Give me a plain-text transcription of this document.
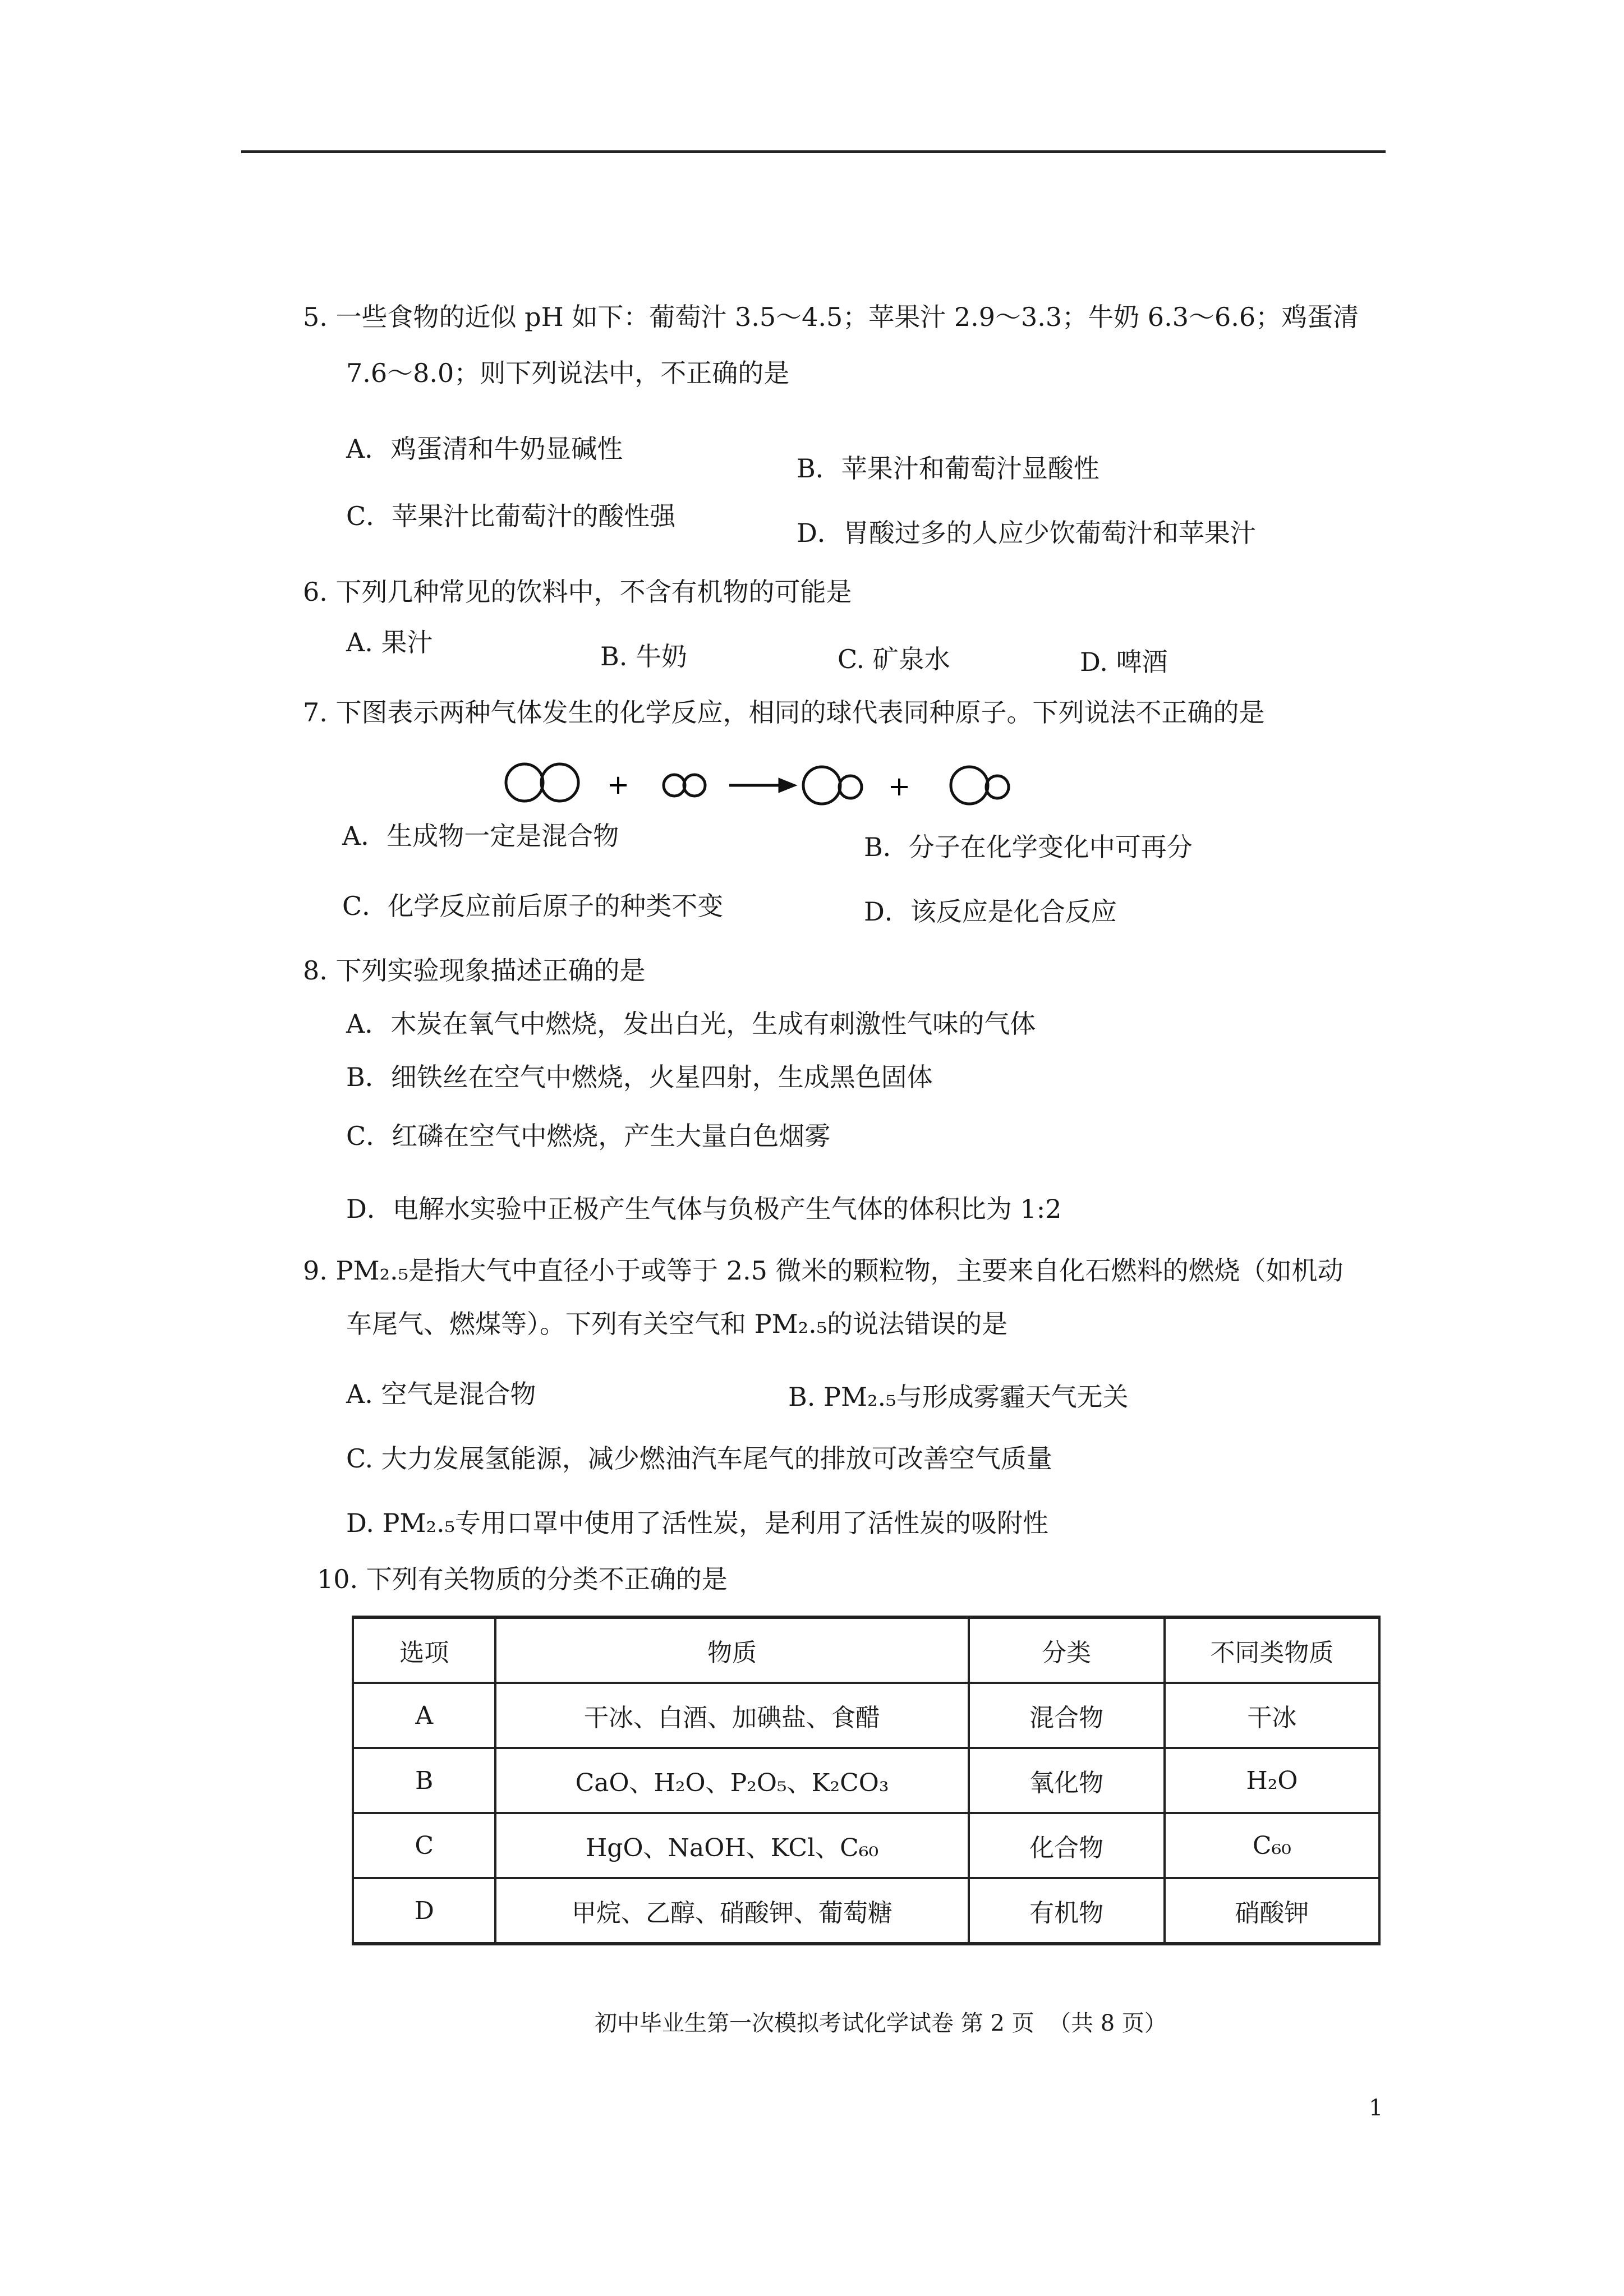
5. 一些食物的近似 pH 如下：葡萄汁 3.5～4.5；苹果汁 2.9～3.3；牛奶 6.3～6.6；鸡蛋清
7.6～8.0；则下列说法中，不正确的是
A．鸡蛋清和牛奶显碱性
B．苹果汁和葡萄汁显酸性
C．苹果汁比葡萄汁的酸性强
D．胃酸过多的人应少饮葡萄汁和苹果汁
6. 下列几种常见的饮料中，不含有机物的可能是
A. 果汁	B. 牛奶	C. 矿泉水	D. 啤酒
7. 下图表示两种气体发生的化学反应，相同的球代表同种原子。下列说法不正确的是
+	+
A．生成物一定是混合物	B．分子在化学变化中可再分
C．化学反应前后原子的种类不变	D．该反应是化合反应
8. 下列实验现象描述正确的是
A．木炭在氧气中燃烧，发出白光，生成有刺激性气味的气体
B．细铁丝在空气中燃烧，火星四射，生成黑色固体
C．红磷在空气中燃烧，产生大量白色烟雾
D．电解水实验中正极产生气体与负极产生气体的体积比为 1:2
9. PM₂.₅是指大气中直径小于或等于 2.5 微米的颗粒物，主要来自化石燃料的燃烧（如机动
车尾气、燃煤等）。下列有关空气和 PM₂.₅的说法错误的是
A. 空气是混合物	B. PM₂.₅与形成雾霾天气无关
C. 大力发展氢能源，减少燃油汽车尾气的排放可改善空气质量
D. PM₂.₅专用口罩中使用了活性炭，是利用了活性炭的吸附性
10. 下列有关物质的分类不正确的是
选项	物质	分类	不同类物质
A	干冰、白酒、加碘盐、食醋	混合物	干冰
B	CaO、H₂O、P₂O₅、K₂CO₃	氧化物	H₂O
C	HgO、NaOH、KCl、C₆₀	化合物	C₆₀
D	甲烷、乙醇、硝酸钾、葡萄糖	有机物	硝酸钾
初中毕业生第一次模拟考试化学试卷 第 2 页  （共 8 页）
1
